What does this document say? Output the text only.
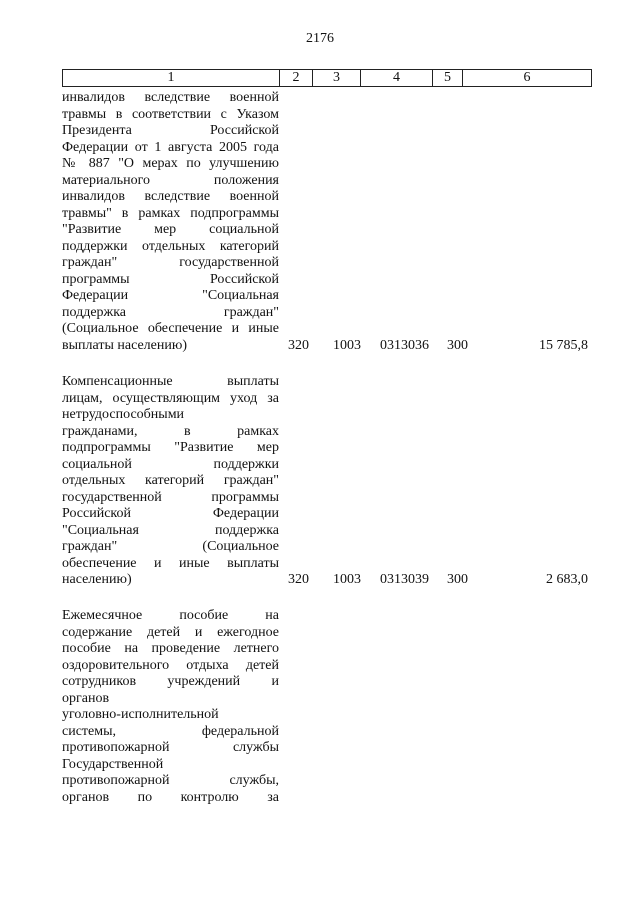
2176
1	2	3	4	5	6
инвалидов вследствие военной
травмы в соответствии с Указом
Президента Российской
Федерации от 1 августа 2005 года
№ 887 "О мерах по улучшению
материального положения
инвалидов вследствие военной
травмы" в рамках подпрограммы
"Развитие мер социальной
поддержки отдельных категорий
граждан" государственной
программы Российской
Федерации "Социальная
поддержка граждан"
(Социальное обеспечение и иные
выплаты населению)	320 1003 0313036 300	15 785,8
Компенсационные выплаты
лицам, осуществляющим уход за
нетрудоспособными
гражданами, в рамках
подпрограммы "Развитие мер
социальной поддержки
отдельных категорий граждан"
государственной программы
Российской Федерации
"Социальная поддержка
граждан" (Социальное
обеспечение и иные выплаты
населению)	320 1003 0313039 300	2 683,0
Ежемесячное пособие на
содержание детей и ежегодное
пособие на проведение летнего
оздоровительного отдыха детей
сотрудников учреждений и
органов
уголовно-исполнительной
системы, федеральной
противопожарной службы
Государственной
противопожарной службы,
органов по контролю за
